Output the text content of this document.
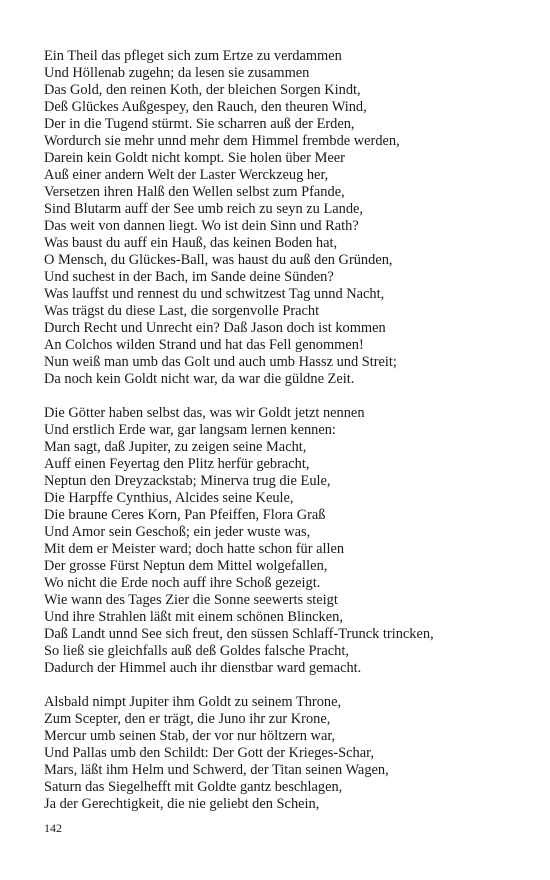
Ein Theil das pfleget sich zum Ertze zu verdammen
Und Höllenab zugehn; da lesen sie zusammen
Das Gold, den reinen Koth, der bleichen Sorgen Kindt,
Deß Glückes Außgespey, den Rauch, den theuren Wind,
Der in die Tugend stürmt. Sie scharren auß der Erden,
Wordurch sie mehr unnd mehr dem Himmel frembde werden,
Darein kein Goldt nicht kompt. Sie holen über Meer
Auß einer andern Welt der Laster Werckzeug her,
Versetzen ihren Halß den Wellen selbst zum Pfande,
Sind Blutarm auff der See umb reich zu seyn zu Lande,
Das weit von dannen liegt. Wo ist dein Sinn und Rath?
Was baust du auff ein Hauß, das keinen Boden hat,
O Mensch, du Glückes-Ball, was haust du auß den Gründen,
Und suchest in der Bach, im Sande deine Sünden?
Was lauffst und rennest du und schwitzest Tag unnd Nacht,
Was trägst du diese Last, die sorgenvolle Pracht
Durch Recht und Unrecht ein? Daß Jason doch ist kommen
An Colchos wilden Strand und hat das Fell genommen!
Nun weiß man umb das Golt und auch umb Hassz und Streit;
Da noch kein Goldt nicht war, da war die güldne Zeit.
Die Götter haben selbst das, was wir Goldt jetzt nennen
Und erstlich Erde war, gar langsam lernen kennen:
Man sagt, daß Jupiter, zu zeigen seine Macht,
Auff einen Feyertag den Plitz herfür gebracht,
Neptun den Dreyzackstab; Minerva trug die Eule,
Die Harpffe Cynthius, Alcides seine Keule,
Die braune Ceres Korn, Pan Pfeiffen, Flora Graß
Und Amor sein Geschoß; ein jeder wuste was,
Mit dem er Meister ward; doch hatte schon für allen
Der grosse Fürst Neptun dem Mittel wolgefallen,
Wo nicht die Erde noch auff ihre Schoß gezeigt.
Wie wann des Tages Zier die Sonne seewerts steigt
Und ihre Strahlen läßt mit einem schönen Blincken,
Daß Landt unnd See sich freut, den süssen Schlaff-Trunck trincken,
So ließ sie gleichfalls auß deß Goldes falsche Pracht,
Dadurch der Himmel auch ihr dienstbar ward gemacht.
Alsbald nimpt Jupiter ihm Goldt zu seinem Throne,
Zum Scepter, den er trägt, die Juno ihr zur Krone,
Mercur umb seinen Stab, der vor nur höltzern war,
Und Pallas umb den Schildt: Der Gott der Krieges-Schar,
Mars, läßt ihm Helm und Schwerd, der Titan seinen Wagen,
Saturn das Siegelhefft mit Goldte gantz beschlagen,
Ja der Gerechtigkeit, die nie geliebt den Schein,
142
